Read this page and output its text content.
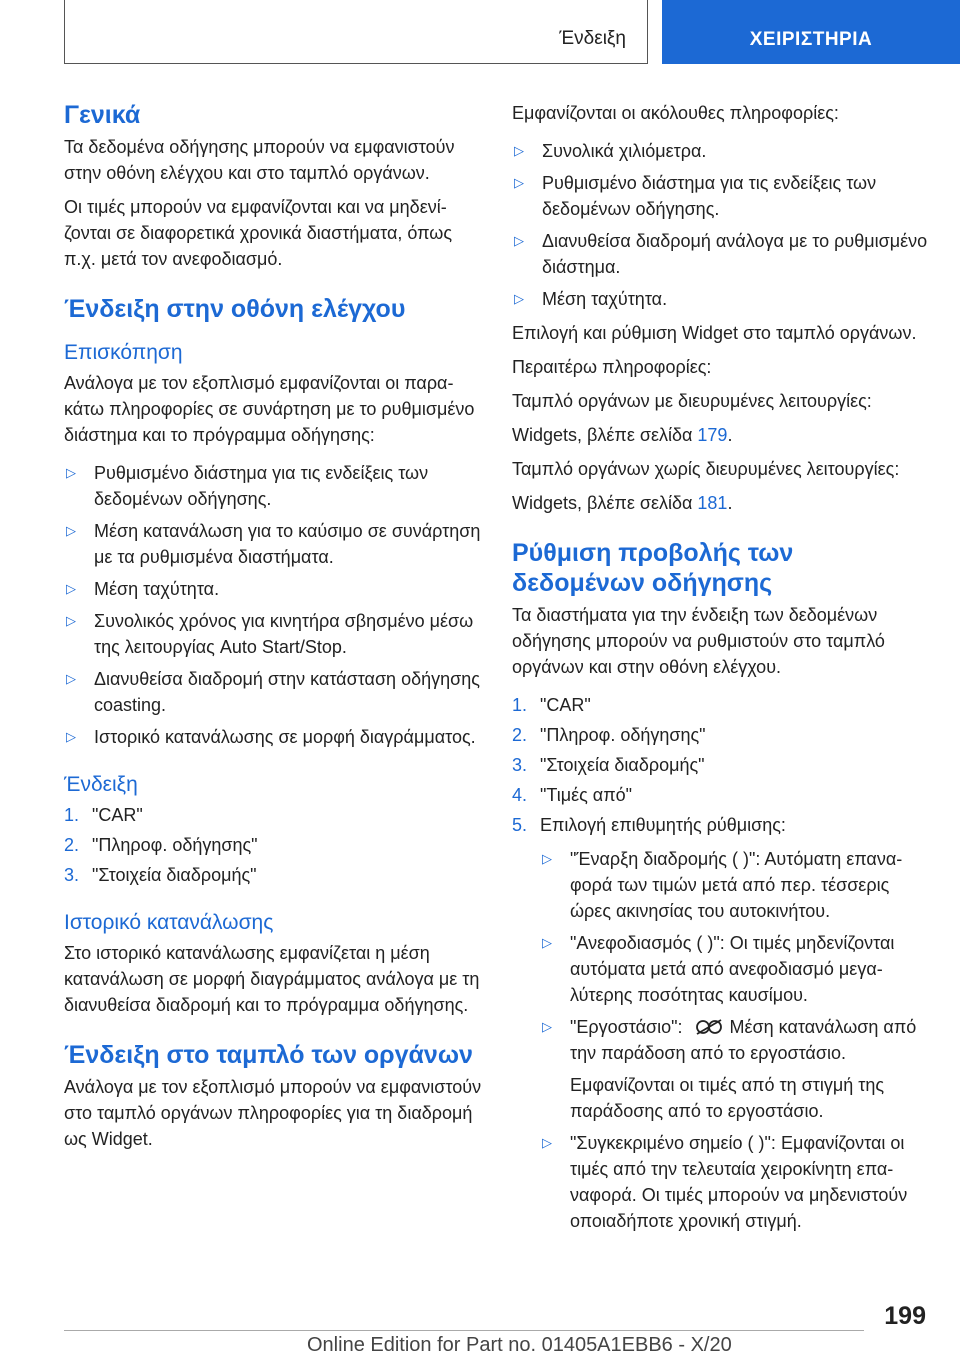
Ένδειξη	ΧΕΙΡΙΣΤΗΡΙΑ
Γενικά
Τα δεδομένα οδήγησης μπορούν να εμφανιστούν στην οθόνη ελέγχου και στο ταμπλό οργάνων.
Οι τιμές μπορούν να εμφανίζονται και να μηδενίζονται σε διαφορετικά χρονικά διαστήματα, όπως π.χ. μετά τον ανεφοδιασμό.
Ένδειξη στην οθόνη ελέγχου
Επισκόπηση
Ανάλογα με τον εξοπλισμό εμφανίζονται οι παρακάτω πληροφορίες σε συνάρτηση με το ρυθμισμένο διάστημα και το πρόγραμμα οδήγησης:
▷ Ρυθμισμένο διάστημα για τις ενδείξεις των δεδομένων οδήγησης.
▷ Μέση κατανάλωση για το καύσιμο σε συνάρτηση με τα ρυθμισμένα διαστήματα.
▷ Μέση ταχύτητα.
▷ Συνολικός χρόνος για κινητήρα σβησμένο μέσω της λειτουργίας Auto Start/Stop.
▷ Διανυθείσα διαδρομή στην κατάσταση οδήγησης coasting.
▷ Ιστορικό κατανάλωσης σε μορφή διαγράμματος.
Ένδειξη
1. "CAR"
2. "Πληροφ. οδήγησης"
3. "Στοιχεία διαδρομής"
Ιστορικό κατανάλωσης
Στο ιστορικό κατανάλωσης εμφανίζεται η μέση κατανάλωση σε μορφή διαγράμματος ανάλογα με τη διανυθείσα διαδρομή και το πρόγραμμα οδήγησης.
Ένδειξη στο ταμπλό των οργάνων
Ανάλογα με τον εξοπλισμό μπορούν να εμφανιστούν στο ταμπλό οργάνων πληροφορίες για τη διαδρομή ως Widget.
Εμφανίζονται οι ακόλουθες πληροφορίες:
▷ Συνολικά χιλιόμετρα.
▷ Ρυθμισμένο διάστημα για τις ενδείξεις των δεδομένων οδήγησης.
▷ Διανυθείσα διαδρομή ανάλογα με το ρυθμισμένο διάστημα.
▷ Μέση ταχύτητα.
Επιλογή και ρύθμιση Widget στο ταμπλό οργάνων.
Περαιτέρω πληροφορίες:
Ταμπλό οργάνων με διευρυμένες λειτουργίες:
Widgets, βλέπε σελίδα 179.
Ταμπλό οργάνων χωρίς διευρυμένες λειτουργίες:
Widgets, βλέπε σελίδα 181.
Ρύθμιση προβολής των δεδομένων οδήγησης
Τα διαστήματα για την ένδειξη των δεδομένων οδήγησης μπορούν να ρυθμιστούν στο ταμπλό οργάνων και στην οθόνη ελέγχου.
1. "CAR"
2. "Πληροφ. οδήγησης"
3. "Στοιχεία διαδρομής"
4. "Τιμές από"
5. Επιλογή επιθυμητής ρύθμισης:
▷ "Έναρξη διαδρομής ( )": Αυτόματη επαναφορά των τιμών μετά από περ. τέσσερις ώρες ακινησίας του αυτοκινήτου.
▷ "Ανεφοδιασμός ( )": Οι τιμές μηδενίζονται αυτόματα μετά από ανεφοδιασμό μεγαλύτερης ποσότητας καυσίμου.
▷ "Εργοστάσιο": Μέση κατανάλωση από την παράδοση από το εργοστάσιο.
Εμφανίζονται οι τιμές από τη στιγμή της παράδοσης από το εργοστάσιο.
▷ "Συγκεκριμένο σημείο ( )": Εμφανίζονται οι τιμές από την τελευταία χειροκίνητη επαναφορά. Οι τιμές μπορούν να μηδενιστούν οποιαδήποτε χρονική στιγμή.
199
Online Edition for Part no. 01405A1EBB6 - X/20
